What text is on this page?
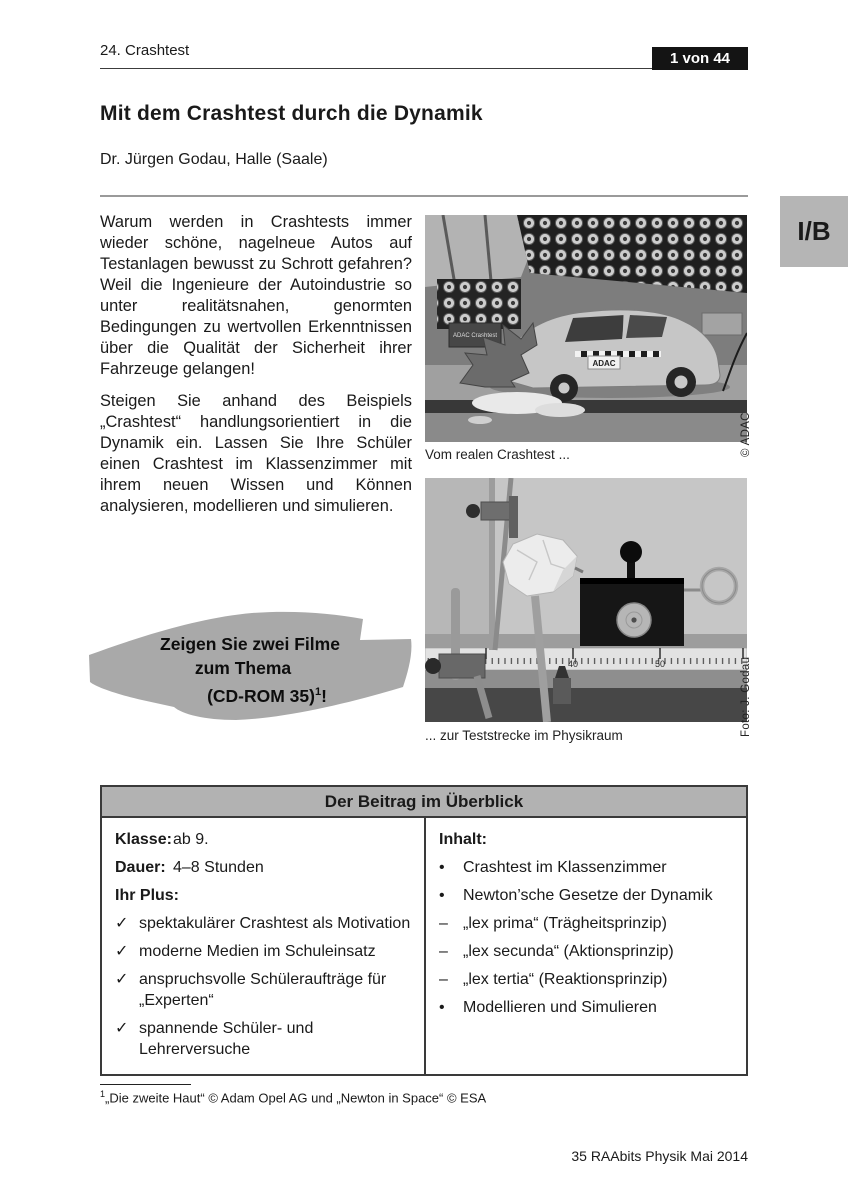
24. Crashtest	1 von 44
Mit dem Crashtest durch die Dynamik
Dr. Jürgen Godau, Halle (Saale)
I/B

Warum werden in Crashtests immer wieder schöne, nagelneue Autos auf Testanlagen bewusst zu Schrott gefahren? Weil die Ingenieure der Autoindustrie so unter realitätsnahen, genormten Bedingungen zu wertvollen Erkenntnissen über die Qualität der Sicherheit ihrer Fahrzeuge gelangen!

Steigen Sie anhand des Beispiels „Crashtest“ handlungsorientiert in die Dynamik ein. Lassen Sie Ihre Schüler einen Crashtest im Klassenzimmer mit ihrem neuen Wissen und Können analysieren, modellieren und simulieren.

ADAC Crashtest
ADAC
Vom realen Crashtest ...	© ADAC
40	50
... zur Teststrecke im Physikraum	Foto: J. Godau
Zeigen Sie zwei Filme
zum Thema
(CD-ROM 35)$^1$!
Der Beitrag im Überblick
Klasse:ab 9.
Dauer: 4–8 Stunden
Ihr Plus:
✓ spektakulärer Crashtest als Motivation
✓ moderne Medien im Schuleinsatz
✓ anspruchsvolle Schüleraufträge für „Experten“
✓ spannende Schüler- und Lehrerversuche
Inhalt:
•	Crashtest im Klassenzimmer
•	Newton’sche Gesetze der Dynamik
– „lex prima“ (Trägheitsprinzip)
– „lex secunda“ (Aktionsprinzip)
– „lex tertia“ (Reaktionsprinzip)
•	Modellieren und Simulieren
$^1$„Die zweite Haut“ © Adam Opel AG und „Newton in Space“ © ESA
35 RAAbits Physik Mai 2014
